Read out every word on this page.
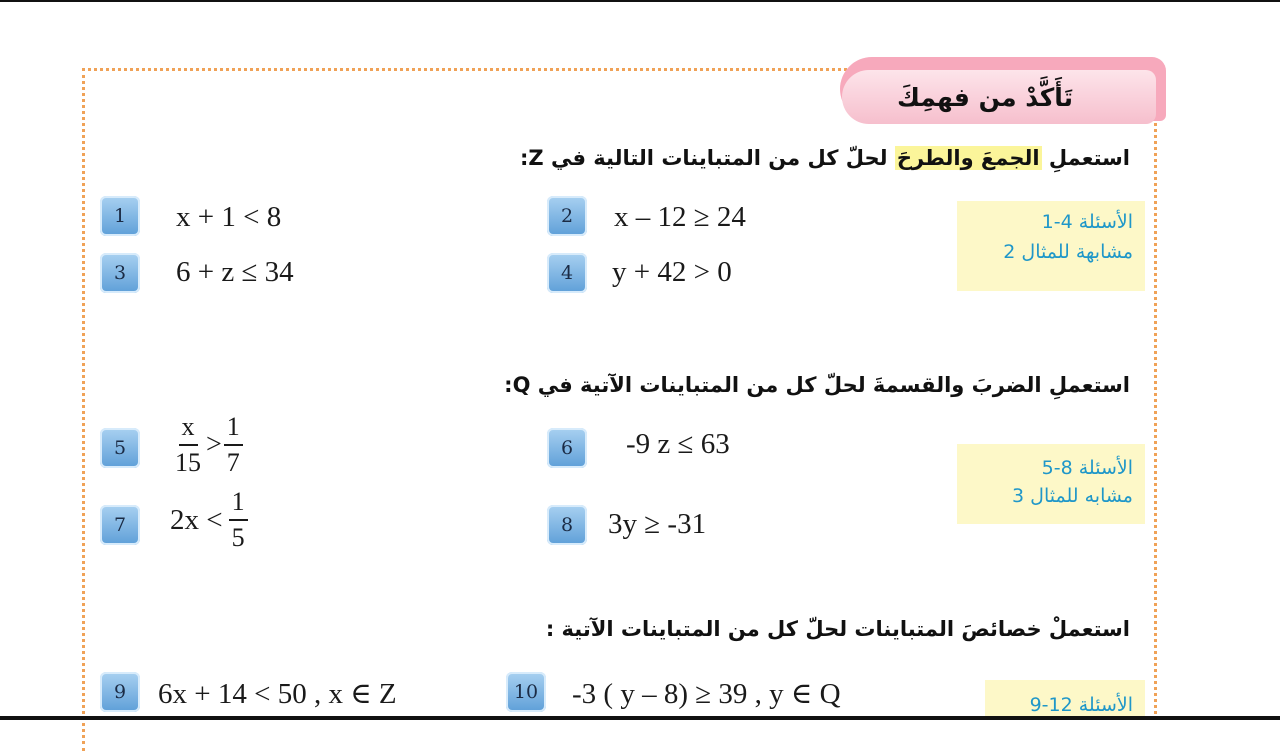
تَأَكَّدْ من فهمِكَ
استعملِ الجمعَ والطرحَ لحلّ كل من المتباينات التالية في Z:
1	x + 1 < 8	2	x – 12 ≥ 24
3	6 + z ≤ 34	4	y + 42 > 0
الأسئلة 4-1
مشابهة للمثال 2
استعملِ الضربَ والقسمةَ لحلّ كل من المتباينات الآتية في Q:
5	$\frac{x}{15} > \frac{1}{7}$	6	-9 z ≤ 63
7	$2x < \frac{1}{5}$	8	3y ≥ -31
الأسئلة 8-5
مشابه للمثال 3
استعملْ خصائصَ المتباينات لحلّ كل من المتباينات الآتية :
9	6x + 14 < 50 , x ∈ Z	10 -3 ( y – 8) ≥ 39 , y ∈ Q	الأسئلة 12-9
